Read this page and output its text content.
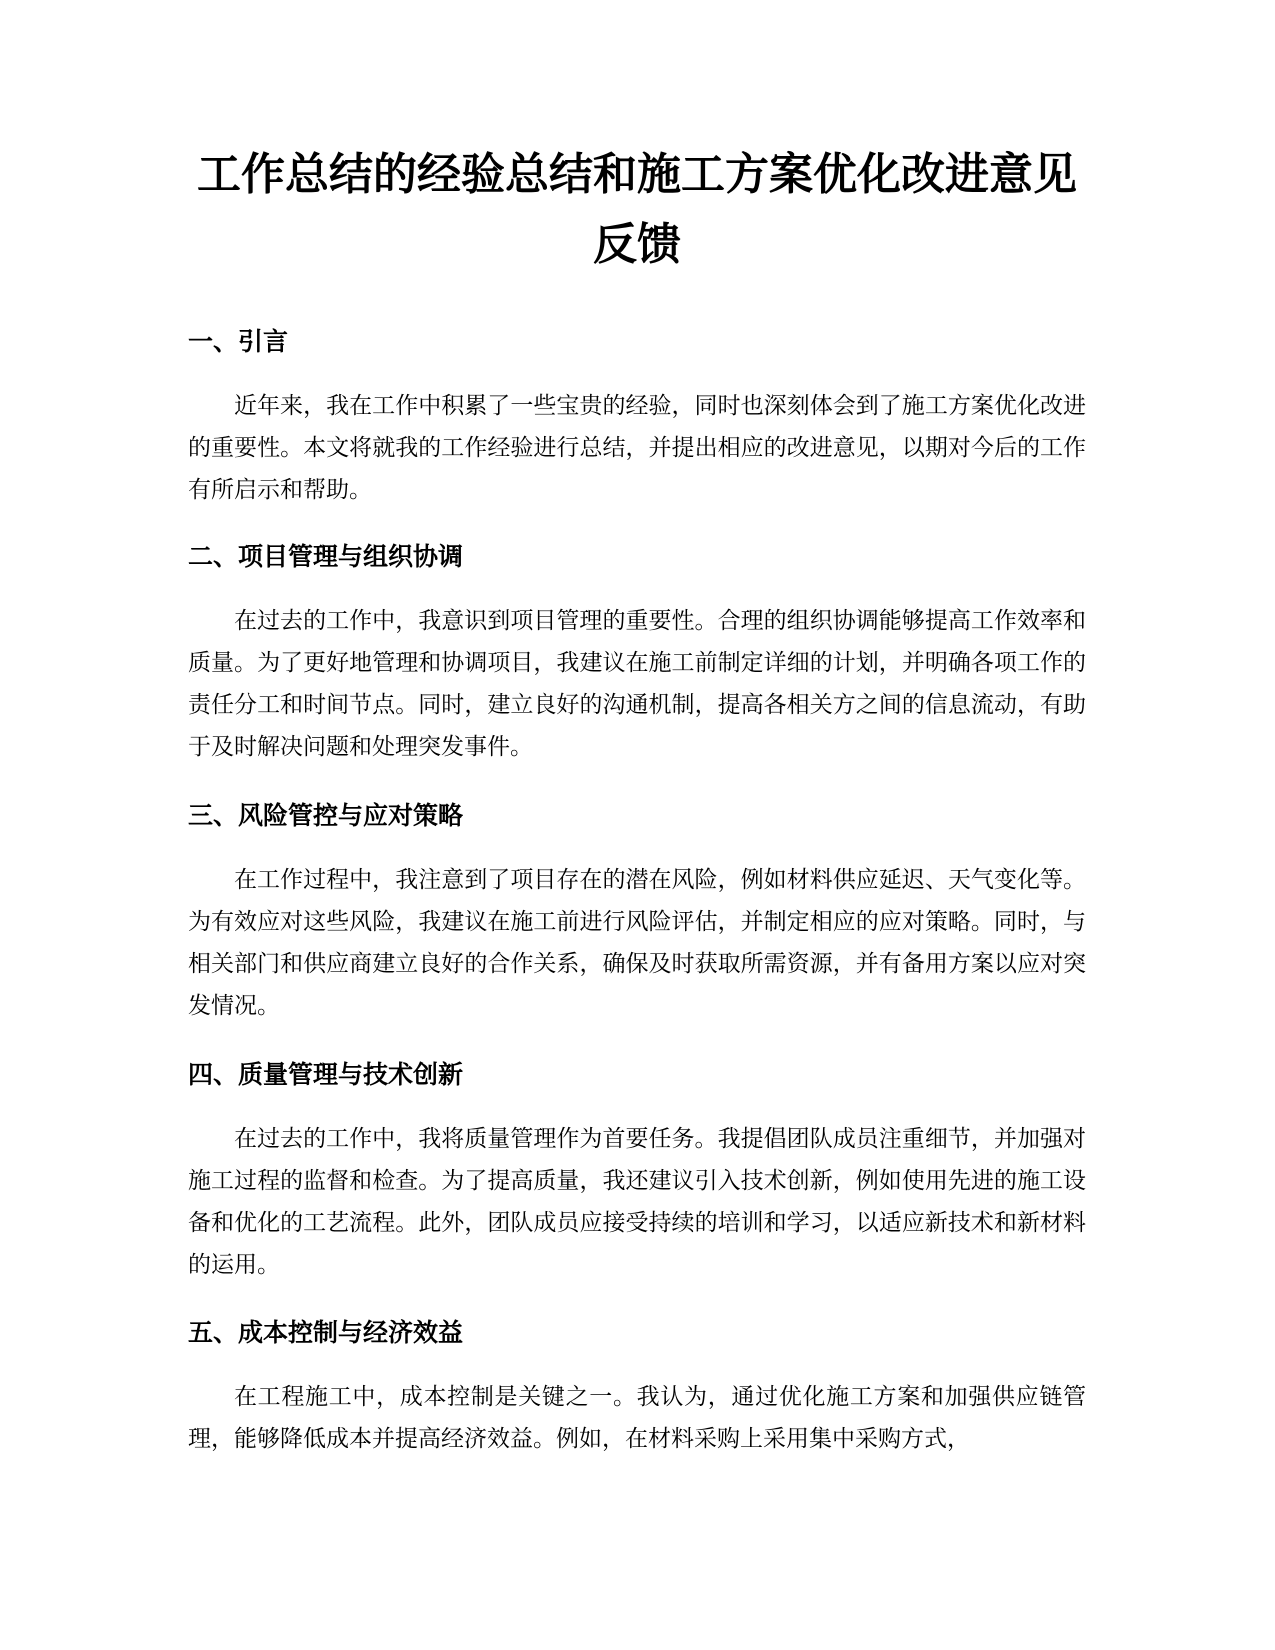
工作总结的经验总结和施工方案优化改进意见反馈
一、引言

近年来，我在工作中积累了一些宝贵的经验，同时也深刻体会到了施工方案优化改进的重要性。本文将就我的工作经验进行总结，并提出相应的改进意见，以期对今后的工作有所启示和帮助。

二、项目管理与组织协调

在过去的工作中，我意识到项目管理的重要性。合理的组织协调能够提高工作效率和质量。为了更好地管理和协调项目，我建议在施工前制定详细的计划，并明确各项工作的责任分工和时间节点。同时，建立良好的沟通机制，提高各相关方之间的信息流动，有助于及时解决问题和处理突发事件。

三、风险管控与应对策略

在工作过程中，我注意到了项目存在的潜在风险，例如材料供应延迟、天气变化等。为有效应对这些风险，我建议在施工前进行风险评估，并制定相应的应对策略。同时，与相关部门和供应商建立良好的合作关系，确保及时获取所需资源，并有备用方案以应对突发情况。

四、质量管理与技术创新

在过去的工作中，我将质量管理作为首要任务。我提倡团队成员注重细节，并加强对施工过程的监督和检查。为了提高质量，我还建议引入技术创新，例如使用先进的施工设备和优化的工艺流程。此外，团队成员应接受持续的培训和学习，以适应新技术和新材料的运用。

五、成本控制与经济效益

在工程施工中，成本控制是关键之一。我认为，通过优化施工方案和加强供应链管理，能够降低成本并提高经济效益。例如，在材料采购上采用集中采购方式，
